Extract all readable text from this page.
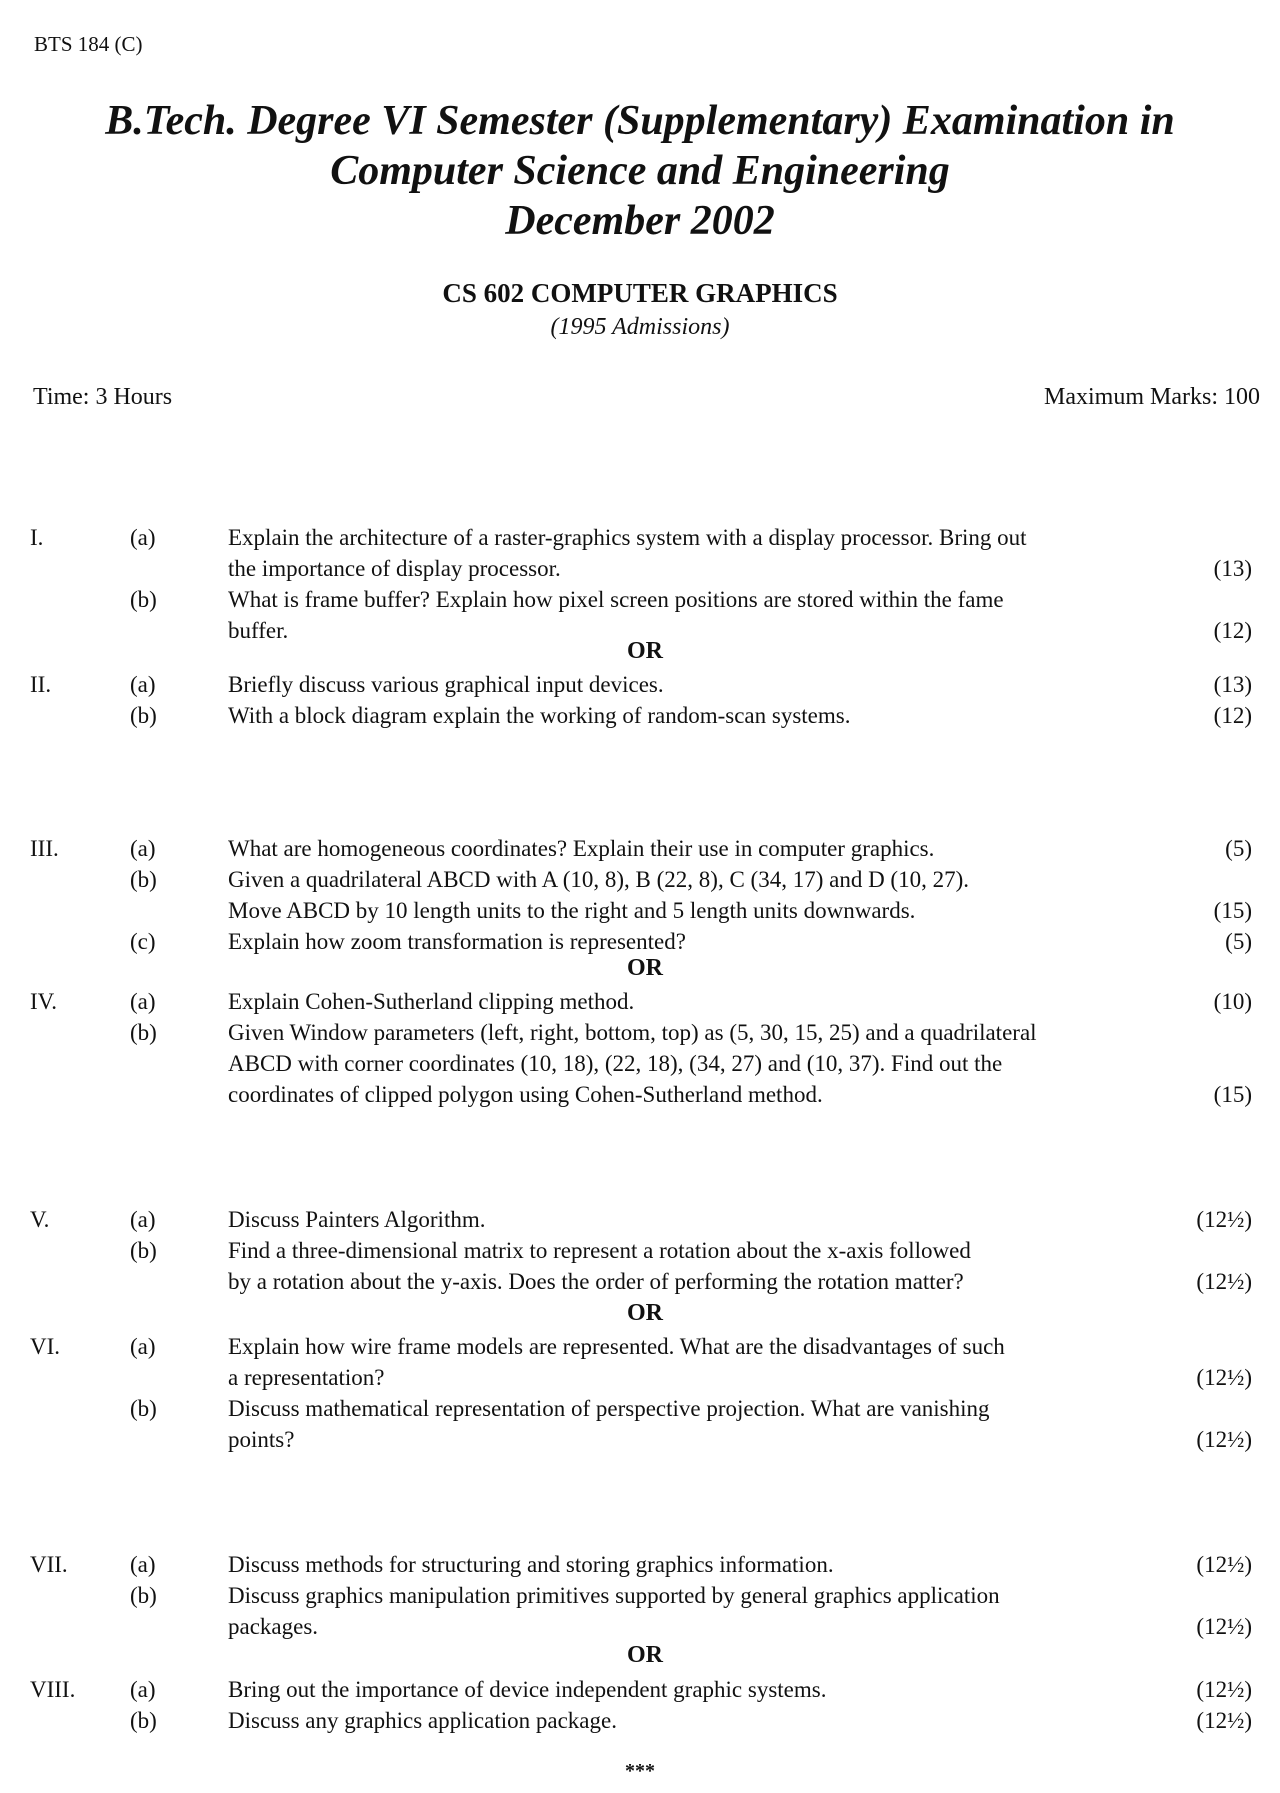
BTS 184 (C)
B.Tech. Degree VI Semester (Supplementary) Examination in
Computer Science and Engineering
December 2002
CS 602 COMPUTER GRAPHICS
(1995 Admissions)
Time: 3 Hours	Maximum Marks: 100
I.	(a)	Explain the architecture of a raster-graphics system with a display processor. Bring out
the importance of display processor.	(13)
(b)	What is frame buffer? Explain how pixel screen positions are stored within the fame
buffer.	(12)
II.	(a)	Briefly discuss various graphical input devices.	(13)
(b)	With a block diagram explain the working of random-scan systems.	(12)
OR
III.	(a)	What are homogeneous coordinates? Explain their use in computer graphics.	(5)
(b)	Given a quadrilateral ABCD with A (10, 8), B (22, 8), C (34, 17) and D (10, 27).
Move ABCD by 10 length units to the right and 5 length units downwards.	(15)
(c)	Explain how zoom transformation is represented?	(5)
IV.	(a)	Explain Cohen-Sutherland clipping method.	(10)
(b)	Given Window parameters (left, right, bottom, top) as (5, 30, 15, 25) and a quadrilateral
ABCD with corner coordinates (10, 18), (22, 18), (34, 27) and (10, 37). Find out the
coordinates of clipped polygon using Cohen-Sutherland method.	(15)
OR
V.	(a)	Discuss Painters Algorithm.	(12½)
(b)	Find a three-dimensional matrix to represent a rotation about the x-axis followed
by a rotation about the y-axis. Does the order of performing the rotation matter?	(12½)
VI.	(a)	Explain how wire frame models are represented. What are the disadvantages of such
a representation?	(12½)
(b)	Discuss mathematical representation of perspective projection. What are vanishing
points?	(12½)
OR
VII.	(a)	Discuss methods for structuring and storing graphics information.	(12½)
(b)	Discuss graphics manipulation primitives supported by general graphics application
packages.	(12½)
VIII. (a)	Bring out the importance of device independent graphic systems.	(12½)
(b)	Discuss any graphics application package.	(12½)
OR
***
